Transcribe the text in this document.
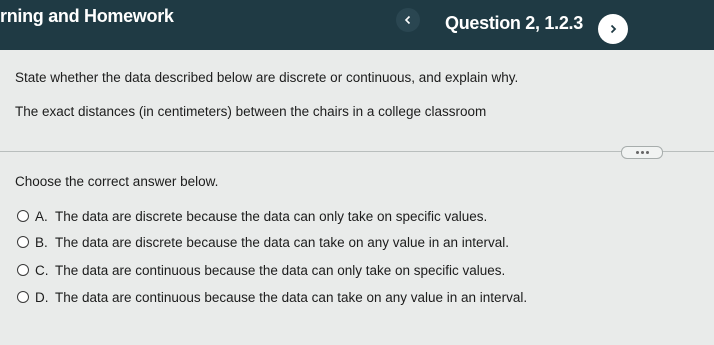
rning and Homework	Question 2, 1.2.3
State whether the data described below are discrete or continuous, and explain why.
The exact distances (in centimeters) between the chairs in a college classroom
Choose the correct answer below.
A. The data are discrete because the data can only take on specific values.
B. The data are discrete because the data can take on any value in an interval.
C. The data are continuous because the data can only take on specific values.
D. The data are continuous because the data can take on any value in an interval.
